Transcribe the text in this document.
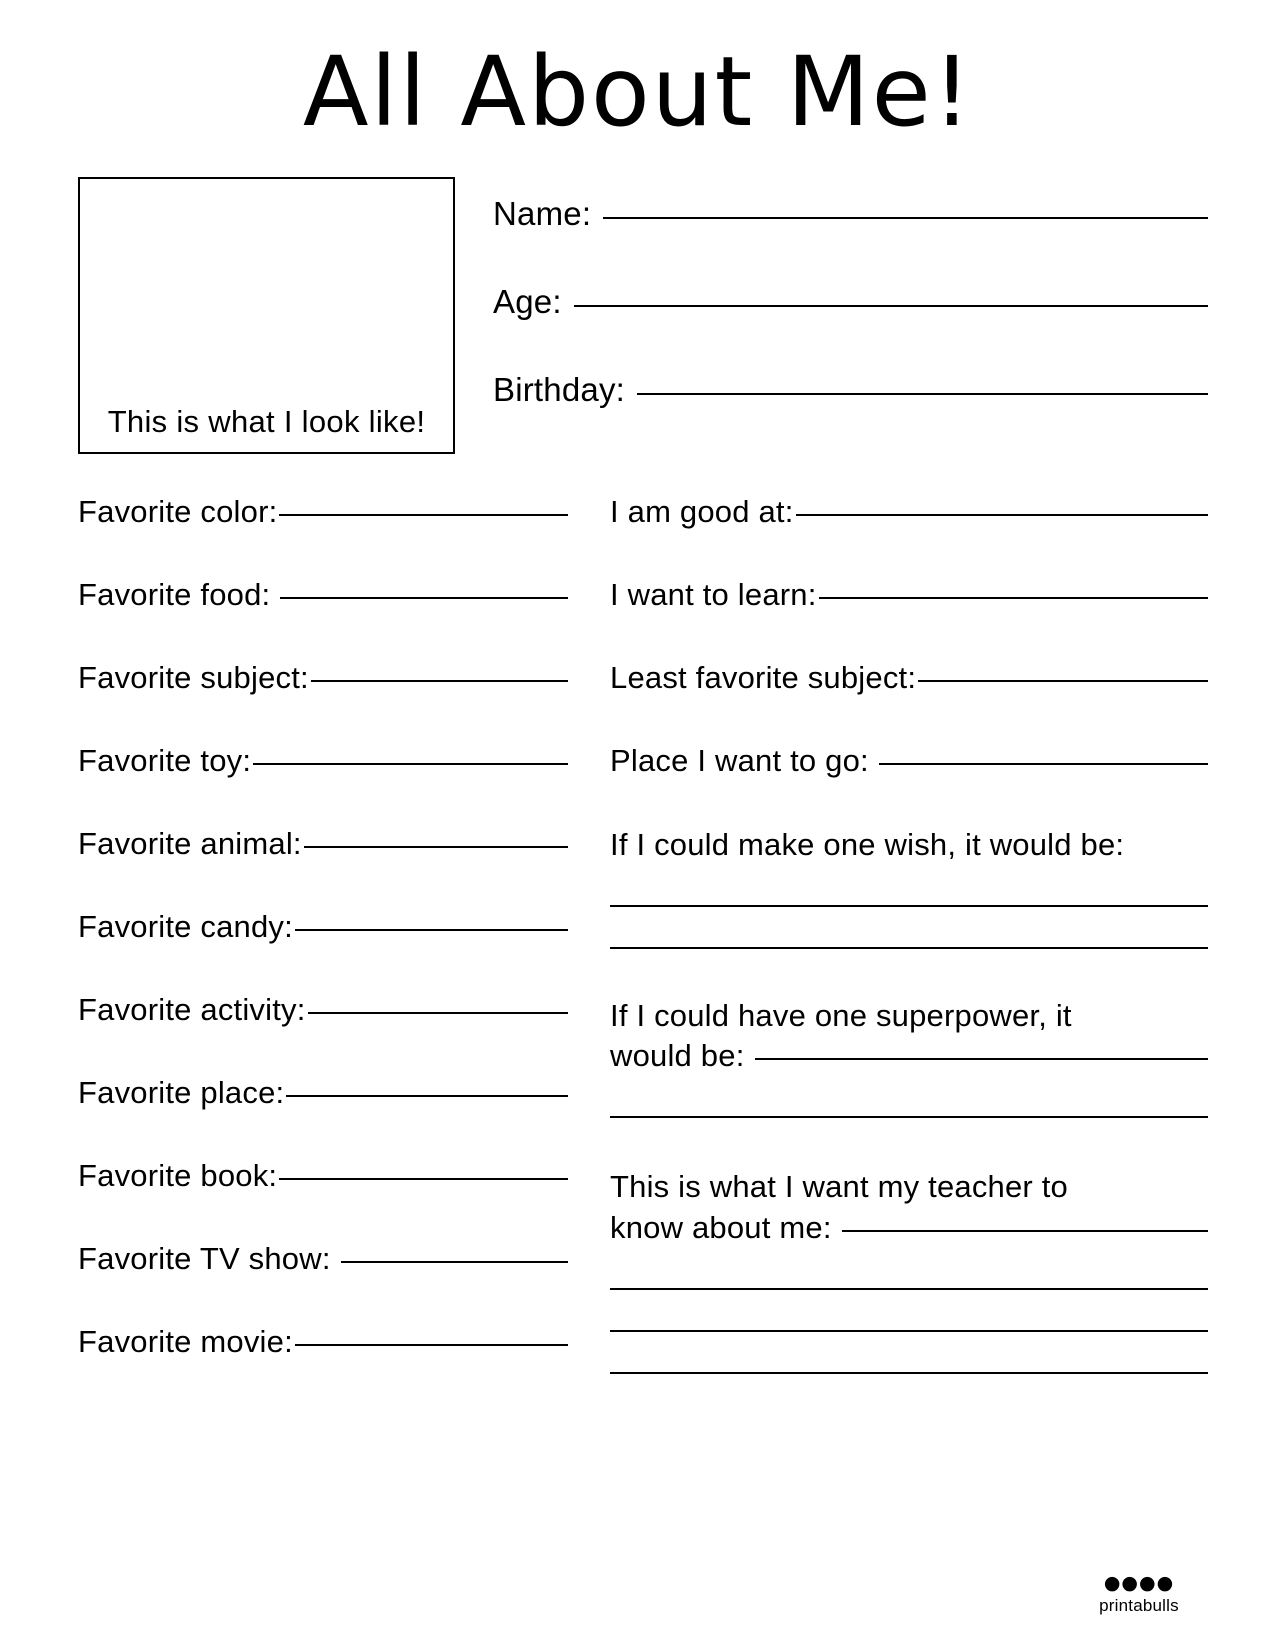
All About Me!
This is what I look like!
Name:
Age:
Birthday:
Favorite color:
Favorite food:
Favorite subject:
Favorite toy:
Favorite animal:
Favorite candy:
Favorite activity:
Favorite place:
Favorite book:
Favorite TV show:
Favorite movie:
I am good at:
I want to learn:
Least favorite subject:
Place I want to go:
If I could make one wish, it would be:
If I could have one superpower, it
would be:
This is what I want my teacher to
know about me:
●●●●
printabulls
